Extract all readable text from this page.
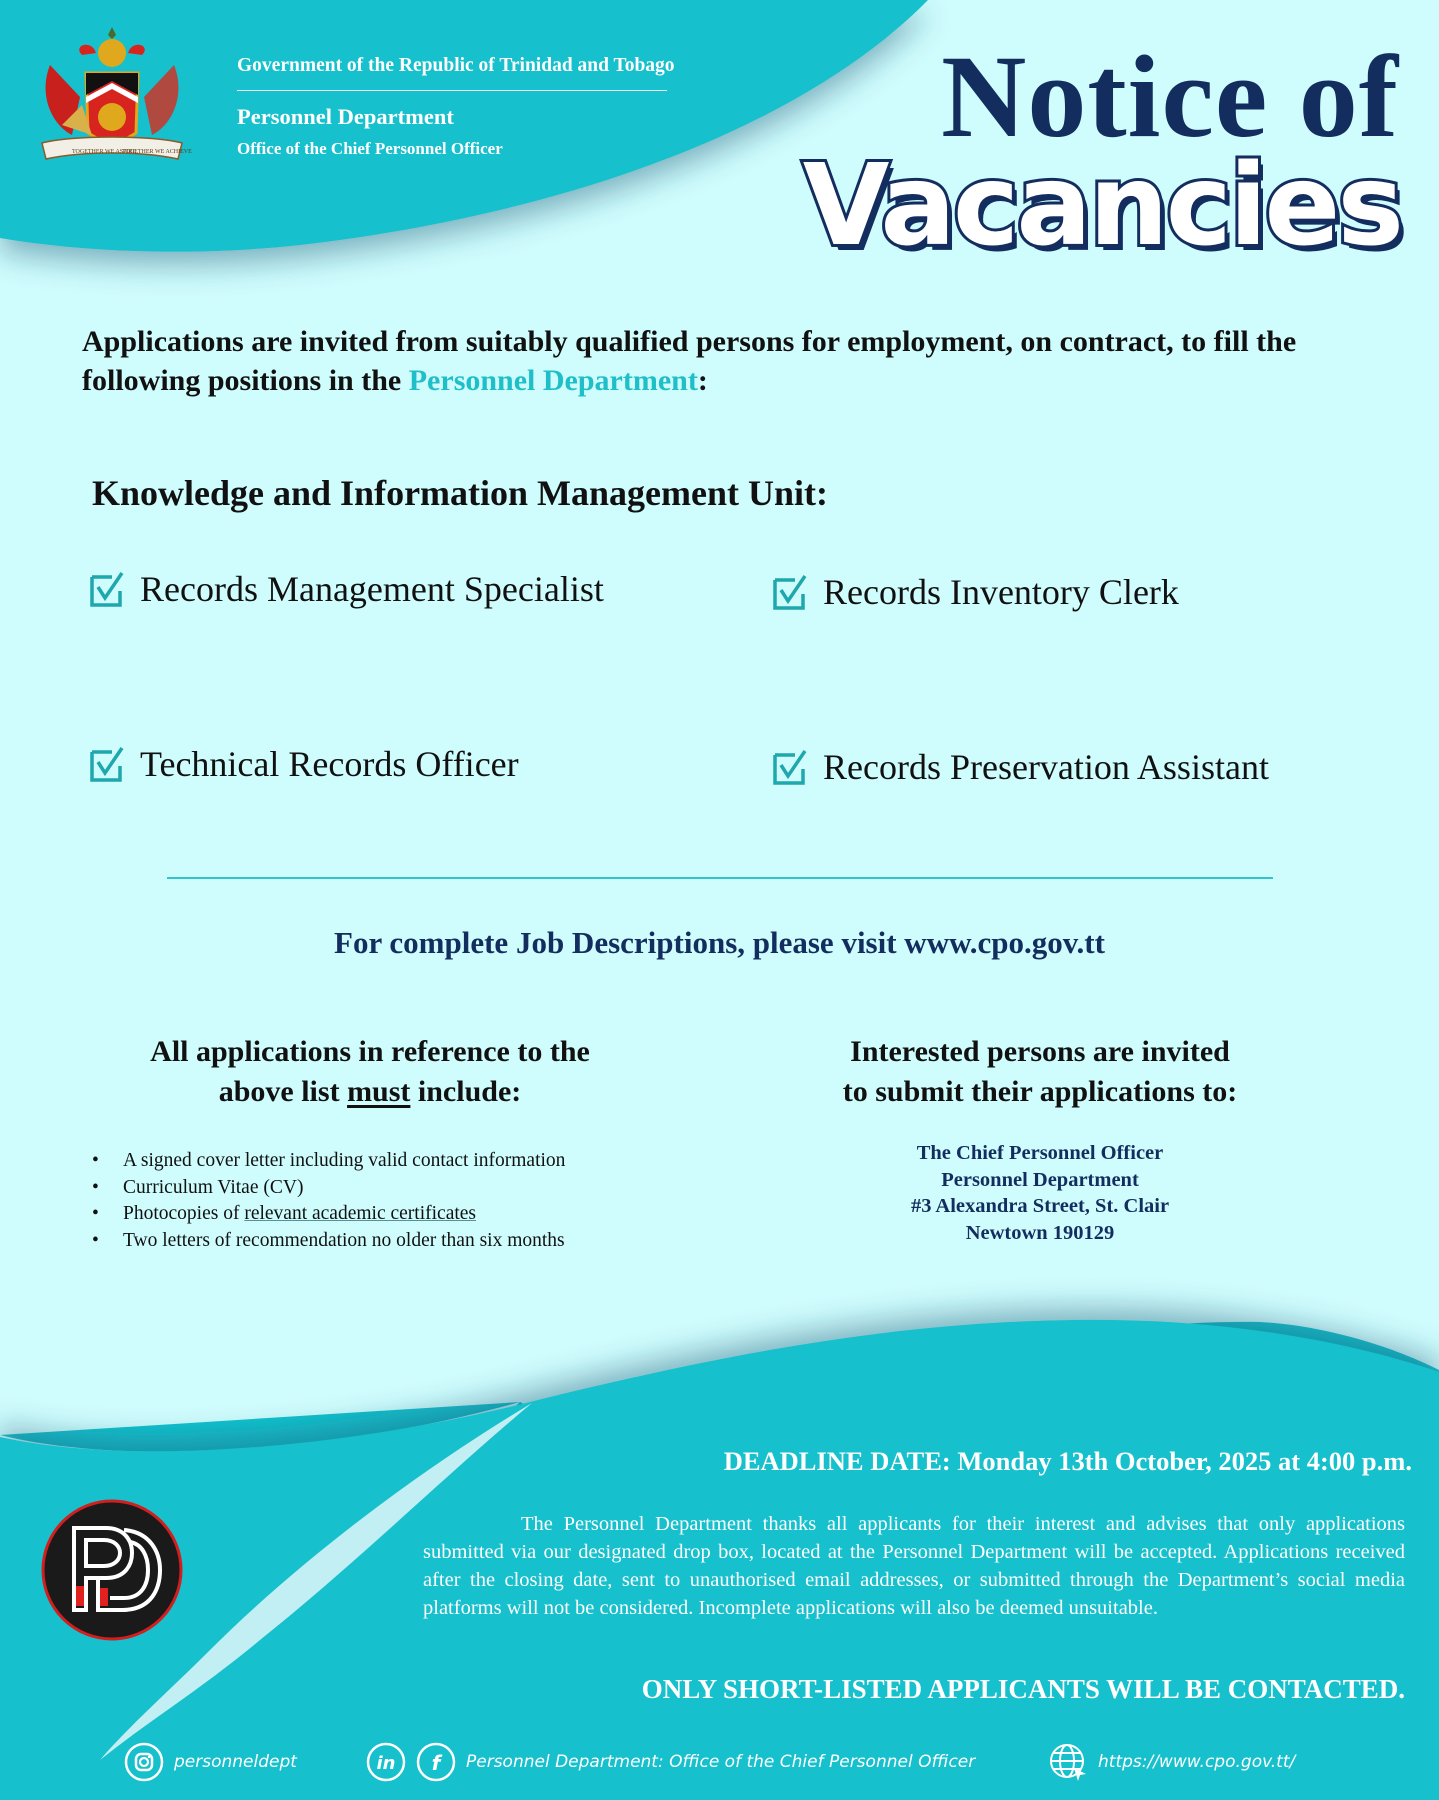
TOGETHER WE ASPIRE
TOGETHER WE ACHIEVE
Government of the Republic of Trinidad and Tobago
Personnel Department
Office of the Chief Personnel Officer	Notice of
Vacancies
Applications are invited from suitably qualified persons for employment, on contract, to fill the following positions in the Personnel Department:
Knowledge and Information Management Unit:
Records Management Specialist	Records Inventory Clerk
Technical Records Officer	Records Preservation Assistant
For complete Job Descriptions, please visit www.cpo.gov.tt
All applications in reference to the
above list must include:
• A signed cover letter including valid contact information
• Curriculum Vitae (CV)
• Photocopies of relevant academic certificates
• Two letters of recommendation no older than six months
Interested persons are invited
to submit their applications to:
The Chief Personnel Officer
Personnel Department
#3 Alexandra Street, St. Clair
Newtown 190129
DEADLINE DATE: Monday 13th October, 2025 at 4:00 p.m.
The Personnel Department thanks all applicants for their interest and advises that only applications submitted via our designated drop box, located at the Personnel Department will be accepted. Applications received after the closing date, sent to unauthorised email addresses, or submitted through the Department’s social media platforms will not be considered. Incomplete applications will also be deemed unsuitable.
ONLY SHORT-LISTED APPLICANTS WILL BE CONTACTED.
personneldept	in f Personnel Department: Office of the Chief Personnel Officer	https://www.cpo.gov.tt/
